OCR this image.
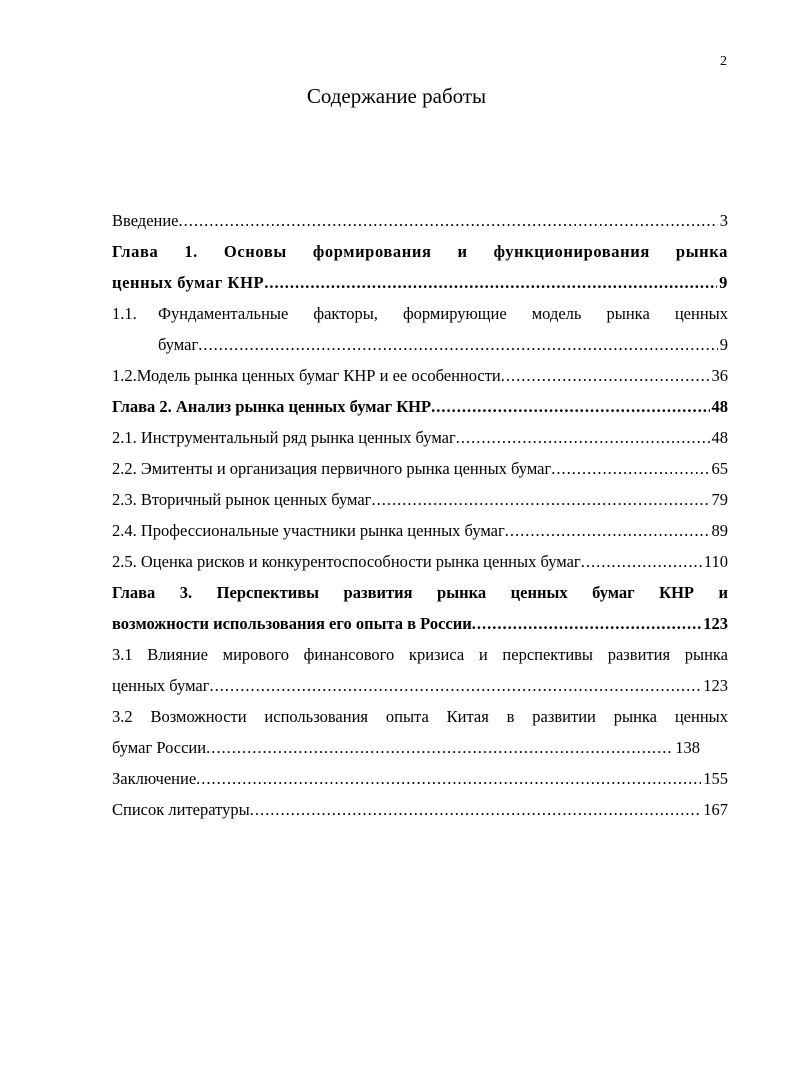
2
Содержание работы
Введение .....	3
Глава 1. Основы формирования и функционирования рынка
ценных бумаг КНР .....	9
1.1.	Фундаментальные факторы, формирующие модель рынка ценных
бумаг .....	9
1.2. Модель рынка ценных бумаг КНР и ее особенности .....	36
Глава 2. Анализ рынка ценных бумаг КНР .....	48
2.1. Инструментальный ряд рынка ценных бумаг .....	48
2.2. Эмитенты и организация первичного рынка ценных бумаг .....	65
2.3. Вторичный рынок ценных бумаг .....	79
2.4. Профессиональные участники рынка ценных бумаг .....	89
2.5. Оценка рисков и конкурентоспособности рынка ценных бумаг .....	110
Глава 3. Перспективы развития рынка ценных бумаг КНР и
возможности использования его опыта в России .....	123
3.1 Влияние мирового финансового кризиса и перспективы развития рынка
ценных бумаг .....	123
3.2 Возможности использования опыта Китая в развитии рынка ценных
бумаг России .....	138
Заключение .....	155
Список литературы .....	167
